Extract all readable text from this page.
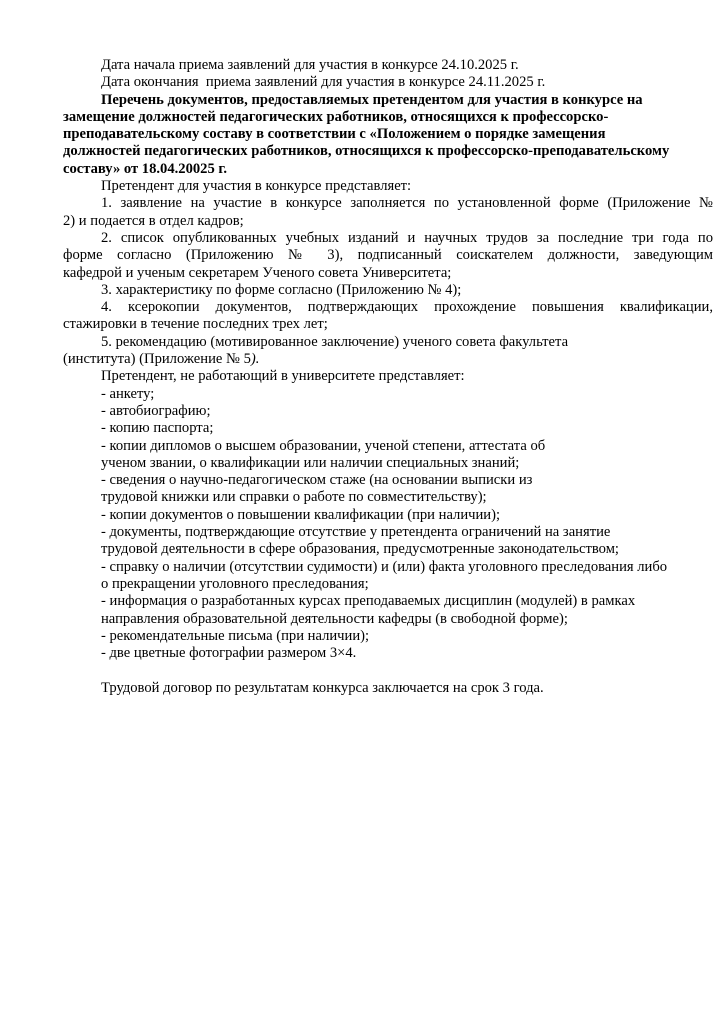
Дата начала приема заявлений для участия в конкурсе 24.10.2025 г.
Дата окончания  приема заявлений для участия в конкурсе 24.11.2025 г.
Перечень документов, предоставляемых претендентом для участия в конкурсе на
замещение должностей педагогических работников, относящихся к профессорско-
преподавательскому составу в соответствии с «Положением о порядке замещения
должностей педагогических работников, относящихся к профессорско-преподавательскому
составу» от 18.04.20025 г.
Претендент для участия в конкурсе представляет:
1. заявление на участие в конкурсе заполняется по установленной форме (Приложение №
2) и подается в отдел кадров;
2. список опубликованных учебных изданий и научных трудов за последние три года по
форме согласно (Приложению № 3), подписанный соискателем должности, заведующим
кафедрой и ученым секретарем Ученого совета Университета;
3. характеристику по форме согласно (Приложению № 4);
4. ксерокопии документов, подтверждающих прохождение повышения квалификации,
стажировки в течение последних трех лет;
5. рекомендацию (мотивированное заключение) ученого совета факультета
(института) (Приложение № 5).
Претендент, не работающий в университете представляет:
- анкету;
- автобиографию;
- копию паспорта;
- копии дипломов о высшем образовании, ученой степени, аттестата об
ученом звании, о квалификации или наличии специальных знаний;
- сведения о научно-педагогическом стаже (на основании выписки из
трудовой книжки или справки о работе по совместительству);
- копии документов о повышении квалификации (при наличии);
- документы, подтверждающие отсутствие у претендента ограничений на занятие
трудовой деятельности в сфере образования, предусмотренные законодательством;
- справку о наличии (отсутствии судимости) и (или) факта уголовного преследования либо
о прекращении уголовного преследования;
- информация о разработанных курсах преподаваемых дисциплин (модулей) в рамках
направления образовательной деятельности кафедры (в свободной форме);
- рекомендательные письма (при наличии);
- две цветные фотографии размером 3×4.
Трудовой договор по результатам конкурса заключается на срок 3 года.
